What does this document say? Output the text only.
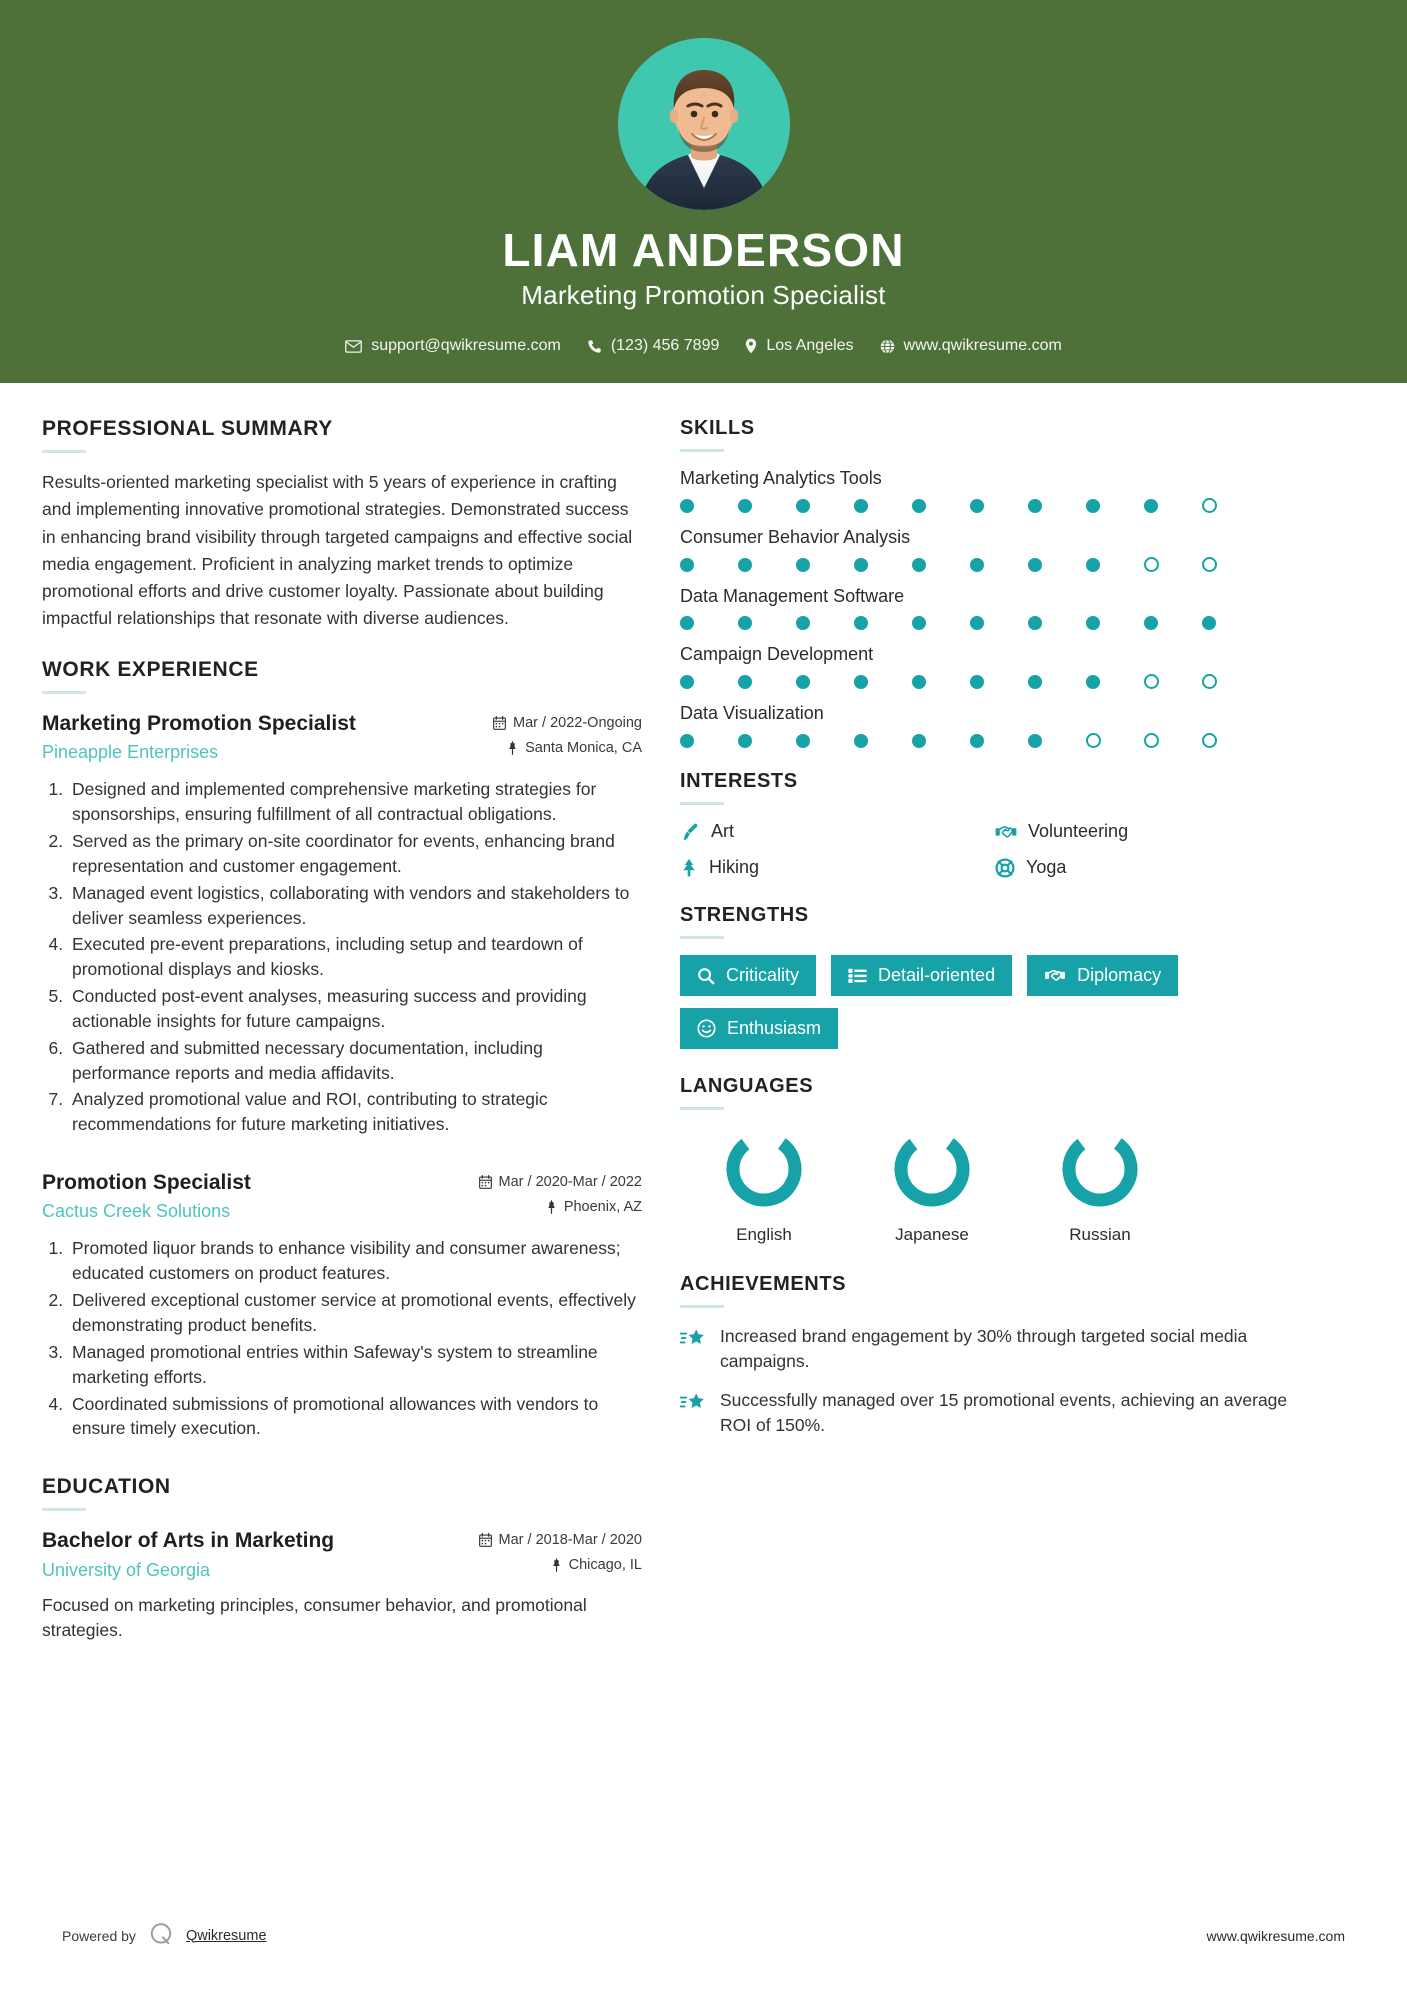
LIAM ANDERSON
Marketing Promotion Specialist
support@qwikresume.com	(123) 456 7899	Los Angeles	www.qwikresume.com
PROFESSIONAL SUMMARY
Results-oriented marketing specialist with 5 years of experience in crafting and implementing innovative promotional strategies. Demonstrated success in enhancing brand visibility through targeted campaigns and effective social media engagement. Proficient in analyzing market trends to optimize promotional efforts and drive customer loyalty. Passionate about building impactful relationships that resonate with diverse audiences.
WORK EXPERIENCE
Marketing Promotion Specialist
Pineapple Enterprises
Mar / 2022-Ongoing
Santa Monica, CA
1. Designed and implemented comprehensive marketing strategies for sponsorships, ensuring fulfillment of all contractual obligations.
2. Served as the primary on-site coordinator for events, enhancing brand representation and customer engagement.
3. Managed event logistics, collaborating with vendors and stakeholders to deliver seamless experiences.
4. Executed pre-event preparations, including setup and teardown of promotional displays and kiosks.
5. Conducted post-event analyses, measuring success and providing actionable insights for future campaigns.
6. Gathered and submitted necessary documentation, including performance reports and media affidavits.
7. Analyzed promotional value and ROI, contributing to strategic recommendations for future marketing initiatives.
Promotion Specialist
Cactus Creek Solutions
Mar / 2020-Mar / 2022
Phoenix, AZ
1. Promoted liquor brands to enhance visibility and consumer awareness; educated customers on product features.
2. Delivered exceptional customer service at promotional events, effectively demonstrating product benefits.
3. Managed promotional entries within Safeway's system to streamline marketing efforts.
4. Coordinated submissions of promotional allowances with vendors to ensure timely execution.
EDUCATION
Bachelor of Arts in Marketing
University of Georgia
Mar / 2018-Mar / 2020
Chicago, IL
Focused on marketing principles, consumer behavior, and promotional strategies.
SKILLS
Marketing Analytics Tools
Consumer Behavior Analysis
Data Management Software
Campaign Development
Data Visualization
INTERESTS
Art	Volunteering
Hiking	Yoga
STRENGTHS
Criticality	Detail-oriented	Diplomacy
Enthusiasm
LANGUAGES
English	Japanese	Russian
ACHIEVEMENTS
Increased brand engagement by 30% through targeted social media campaigns.
Successfully managed over 15 promotional events, achieving an average ROI of 150%.
Powered by	Qwikresume	www.qwikresume.com
